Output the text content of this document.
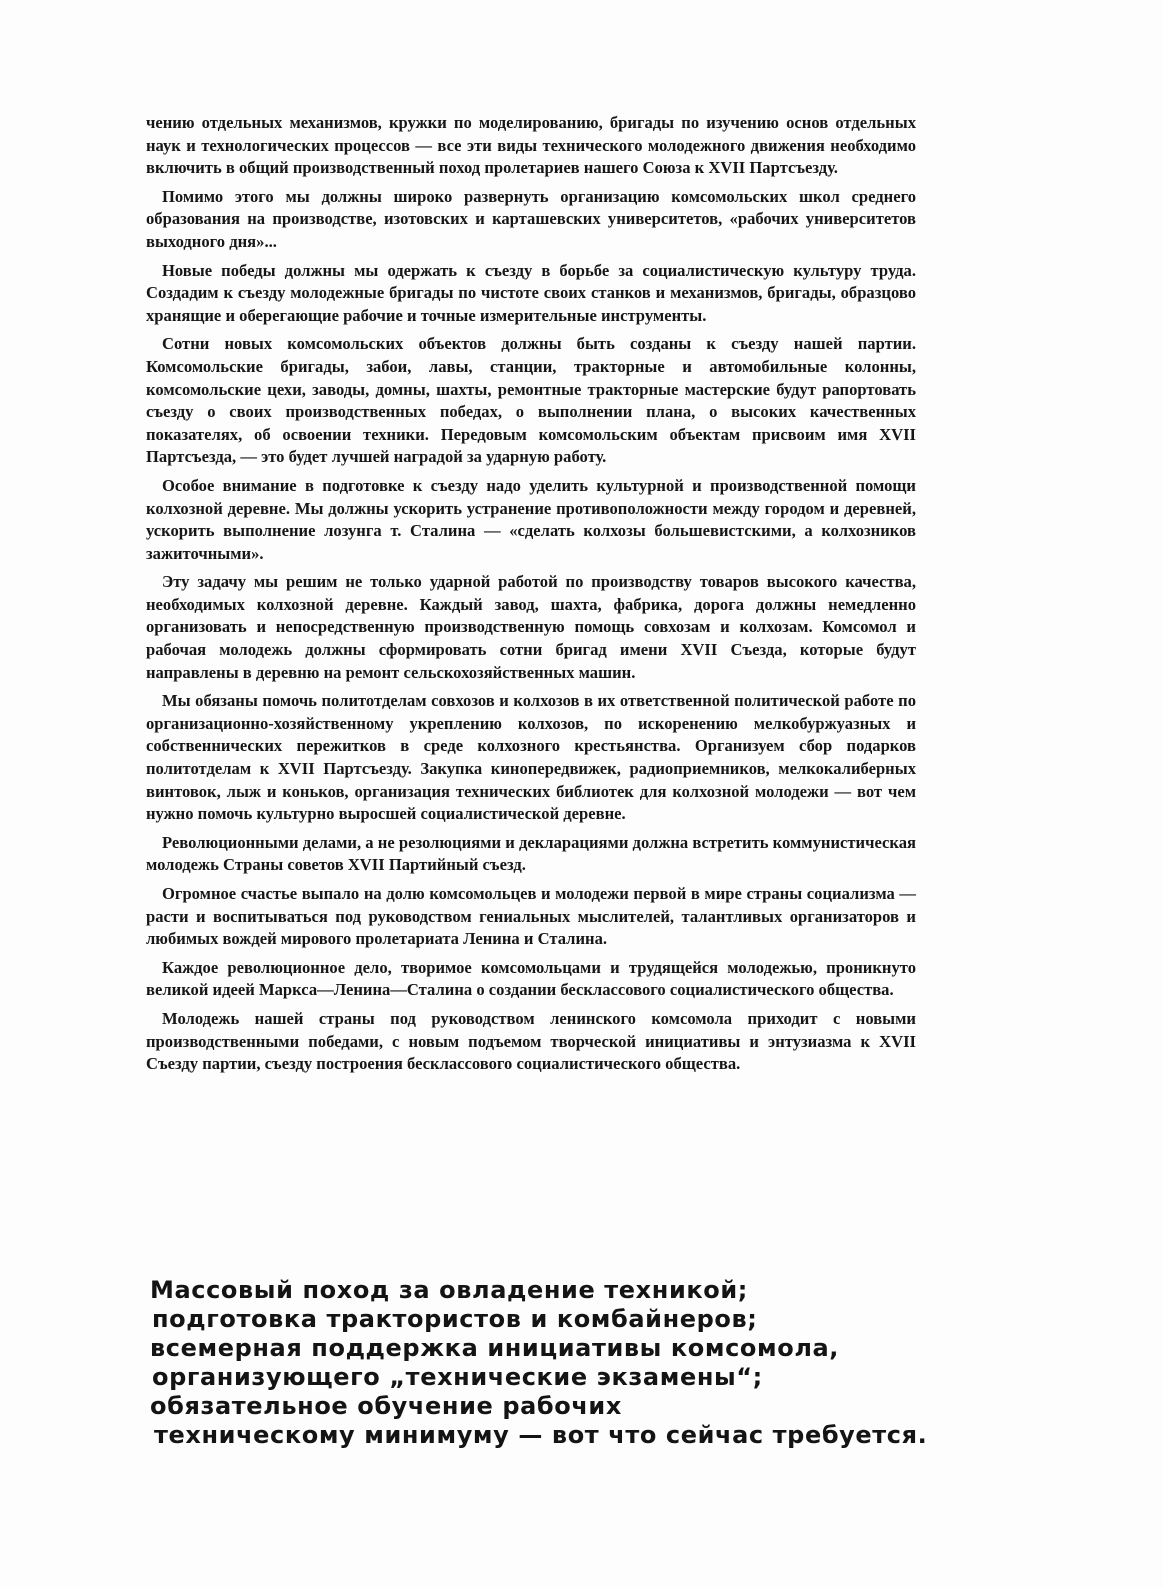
чению отдельных механизмов, кружки по моделированию, бригады по изучению основ отдельных наук и технологических процессов — все эти виды технического молодежного движения необходимо включить в общий производственный поход пролетариев нашего Союза к XVII Партсъезду.

Помимо этого мы должны широко развернуть организацию комсомольских школ среднего образования на производстве, изотовских и карташевских университетов, «рабочих университетов выходного дня»...

Новые победы должны мы одержать к съезду в борьбе за социалистическую культуру труда. Создадим к съезду молодежные бригады по чистоте своих станков и механизмов, бригады, образцово хранящие и оберегающие рабочие и точные измерительные инструменты.

Сотни новых комсомольских объектов должны быть созданы к съезду нашей партии. Комсомольские бригады, забои, лавы, станции, тракторные и автомобильные колонны, комсомольские цехи, заводы, домны, шахты, ремонтные тракторные мастерские будут рапортовать съезду о своих производственных победах, о выполнении плана, о высоких качественных показателях, об освоении техники. Передовым комсомольским объектам присвоим имя XVII Партсъезда, — это будет лучшей наградой за ударную работу.

Особое внимание в подготовке к съезду надо уделить культурной и производственной помощи колхозной деревне. Мы должны ускорить устранение противоположности между городом и деревней, ускорить выполнение лозунга т. Сталина — «сделать колхозы большевистскими, а колхозников зажиточными».

Эту задачу мы решим не только ударной работой по производству товаров высокого качества, необходимых колхозной деревне. Каждый завод, шахта, фабрика, дорога должны немедленно организовать и непосредственную производственную помощь совхозам и колхозам. Комсомол и рабочая молодежь должны сформировать сотни бригад имени XVII Съезда, которые будут направлены в деревню на ремонт сельскохозяйственных машин.

Мы обязаны помочь политотделам совхозов и колхозов в их ответственной политической работе по организационно-хозяйственному укреплению колхозов, по искоренению мелкобуржуазных и собственнических пережитков в среде колхозного крестьянства. Организуем сбор подарков политотделам к XVII Партсъезду. Закупка кинопередвижек, радиоприемников, мелкокалиберных винтовок, лыж и коньков, организация технических библиотек для колхозной молодежи — вот чем нужно помочь культурно выросшей социалистической деревне.

Революционными делами, а не резолюциями и декларациями должна встретить коммунистическая молодежь Страны советов XVII Партийный съезд.

Огромное счастье выпало на долю комсомольцев и молодежи первой в мире страны социализма — расти и воспитываться под руководством гениальных мыслителей, талантливых организаторов и любимых вождей мирового пролетариата Ленина и Сталина.

Каждое революционное дело, творимое комсомольцами и трудящейся молодежью, проникнуто великой идеей Маркса—Ленина—Сталина о создании бесклассового социалистического общества.

Молодежь нашей страны под руководством ленинского комсомола приходит с новыми производственными победами, с новым подъемом творческой инициативы и энтузиазма к XVII Съезду партии, съезду построения бесклассового социалистического общества.

Массовый поход за овладение техникой;
подготовка трактористов и комбайнеров;
всемерная поддержка инициативы комсомола,
организующего „технические экзамены“;
обязательное обучение рабочих
техническому минимуму — вот что сейчас требуется.
